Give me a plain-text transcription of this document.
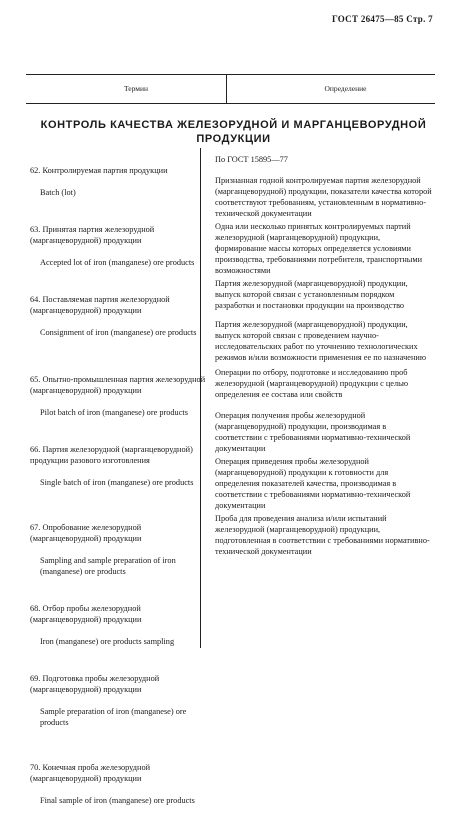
ГОСТ 26475—85 Стр. 7
Термин	Определение
КОНТРОЛЬ КАЧЕСТВА ЖЕЛЕЗОРУДНОЙ И МАРГАНЦЕВОРУДНОЙ
ПРОДУКЦИИ

62. Контролируемая партия продукции

Batch (lot)

63. Принятая партия железорудной (марганцеворудной) продукции

Accepted lot of iron (manganese) ore products

64. Поставляемая партия железорудной (марганцеворудной) продукции

Consignment of iron (manganese) ore products

65. Опытно-промышленная партия железорудной (марганцеворудной) продукции

Pilot batch of iron (manganese) ore products

66. Партия железорудной (марганцеворудной) продукции разового изготовления

Single batch of iron (manganese) ore products

67. Опробование железорудной (марганцеворудной) продукции

Sampling and sample preparation of iron (manganese) ore products

68. Отбор пробы железорудной (марганцеворудной) продукции

Iron (manganese) ore products sampling

69. Подготовка пробы железорудной (марганцеворудной) продукции

Sample preparation of iron (manganese) ore products

70. Конечная проба железорудной (марганцеворудной) продукции

Final sample of iron (manganese) ore products

По ГОСТ 15895—77
Признанная годной контролируемая партия железорудной (марганцеворудной) продукции, показатели качества которой соответствуют требованиям, установленным в нормативно-технической документации
Одна или несколько принятых контролируемых партий железорудной (марганцеворудной) продукции, формирование массы которых определяется условиями производства, требованиями потребителя, транспортными возможностями
Партия железорудной (марганцеворудной) продукции, выпуск которой связан с установленным порядком разработки и постановки продукции на производство
Партия железорудной (марганцеворудной) продукции, выпуск которой связан с проведением научно-исследовательских работ по уточнению технологических режимов и/или возможности применения ее по назначению
Операции по отбору, подготовке и исследованию проб железорудной (марганцеворудной) продукции с целью определения ее состава или свойств
Операция получения пробы железорудной (марганцеворудной) продукции, производимая в соответствии с требованиями нормативно-технической документации
Операция приведения пробы железорудной (марганцеворудной) продукции к готовности для определения показателей качества, производимая в соответствии с требованиями нормативно-технической документации
Проба для проведения анализа и/или испытаний железорудной (марганцеворудной) продукции, подготовленная в соответствии с требованиями нормативно-технической документации
